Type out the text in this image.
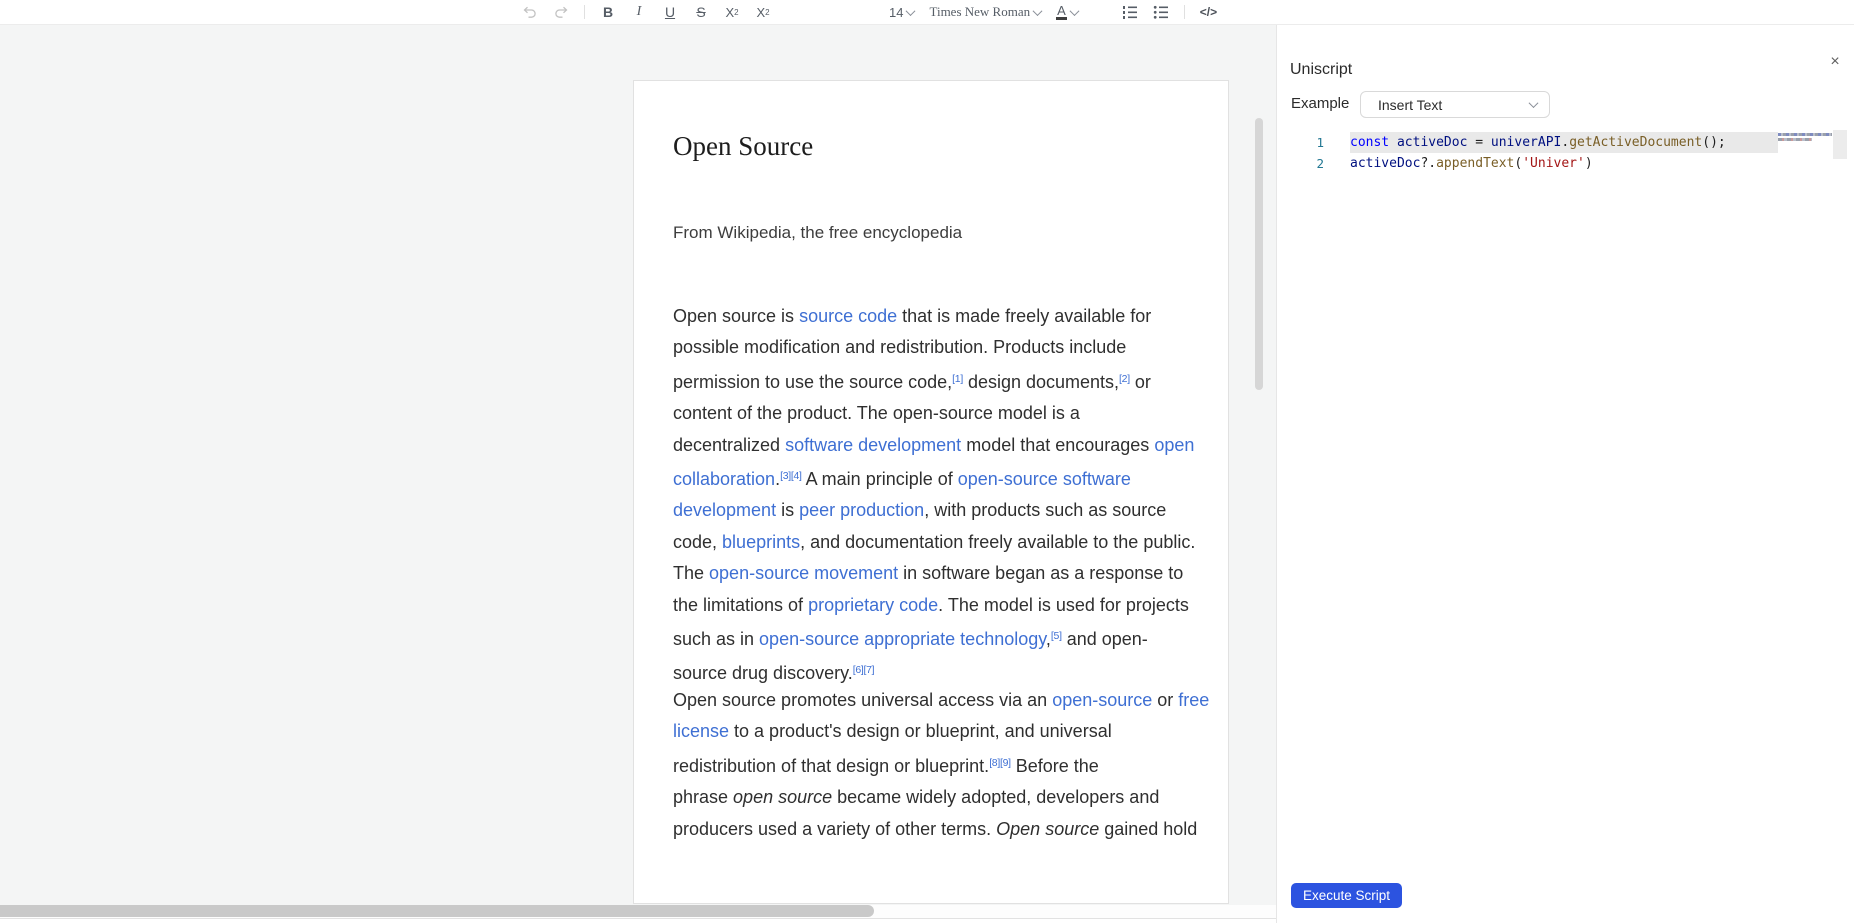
B	I	U S X 2 X 2	14 Times New Roman A	</>
Open Source
From Wikipedia, the free encyclopedia
Open source is source code that is made freely available for
possible modification and redistribution. Products include
permission to use the source code,[1] design documents,[2] or
content of the product. The open-source model is a
decentralized software development model that encourages open
collaboration.[3][4] A main principle of open-source software
development is peer production, with products such as source
code, blueprints, and documentation freely available to the public.
The open-source movement in software began as a response to
the limitations of proprietary code. The model is used for projects
such as in open-source appropriate technology,[5] and open-
source drug discovery.[6][7]
Open source promotes universal access via an open-source or free
license to a product's design or blueprint, and universal
redistribution of that design or blueprint.[8][9] Before the
phrase open source became widely adopted, developers and
producers used a variety of other terms. Open source gained hold
×
Uniscript
Example Insert Text
1 const activeDoc = univerAPI.getActiveDocument();
2 activeDoc?.appendText('Univer')
Execute Script
